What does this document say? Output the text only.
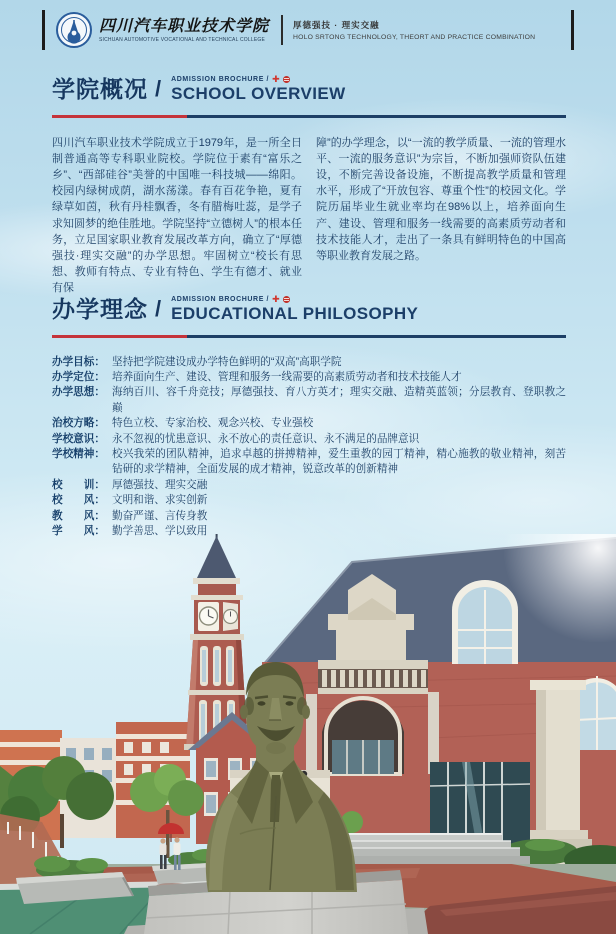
四川汽车职业技术学院
SICHUAN AUTOMOTIVE VOCATIONAL AND TECHNICAL COLLEGE
厚德强技 · 理实交融
HOLO SRTONG TECHNOLOGY, THEORT AND PRACTICE COMBINATION
学院概况 / ADMISSION BROCHURE / ✚
SCHOOL OVERVIEW
四川汽车职业技术学院成立于1979年，是一所全日制普通高等专科职业院校。学院位于素有“富乐之乡”、“西部硅谷”美誉的中国唯一科技城——绵阳。校园内绿树成荫，湖水荡漾。春有百花争艳，夏有绿草如茵，秋有丹桂飘香，冬有腊梅吐蕊，是学子求知圆梦的绝佳胜地。学院坚持“立德树人”的根本任务，立足国家职业教育发展改革方向，确立了“厚德强技·理实交融”的办学思想。牢固树立“校长有思想、教师有特点、专业有特色、学生有德才、就业有保
障”的办学理念，以“一流的教学质量、一流的管理水平、一流的服务意识”为宗旨，不断加强师资队伍建设，不断完善设备设施，不断提高教学质量和管理水平，形成了“开放包容、尊重个性”的校园文化。学院历届毕业生就业率均在98%以上，培养面向生产、建设、管理和服务一线需要的高素质劳动者和技术技能人才，走出了一条具有鲜明特色的中国高等职业教育发展之路。
办学理念 / ADMISSION BROCHURE / ✚
EDUCATIONAL PHILOSOPHY
办学目标： 坚持把学院建设成办学特色鲜明的“双高”高职学院
办学定位： 培养面向生产、建设、管理和服务一线需要的高素质劳动者和技术技能人才
办学思想： 海纳百川、容千舟竞技；厚德强技、育八方英才；理实交融、造精英蓝领；分层教育、登职教之巅
治校方略： 特色立校、专家治校、观念兴校、专业强校
学校意识： 永不忽视的忧患意识、永不放心的责任意识、永不满足的品牌意识
学校精神： 校兴我荣的团队精神，追求卓越的拼搏精神，爱生重教的园丁精神，精心施教的敬业精神，刻苦钻研的求学精神，全面发展的成才精神，锐意改革的创新精神
校　　训： 厚德强技、理实交融
校　　风： 文明和谐、求实创新
教　　风： 勤奋严谨、言传身教
学　　风： 勤学善思、学以致用
